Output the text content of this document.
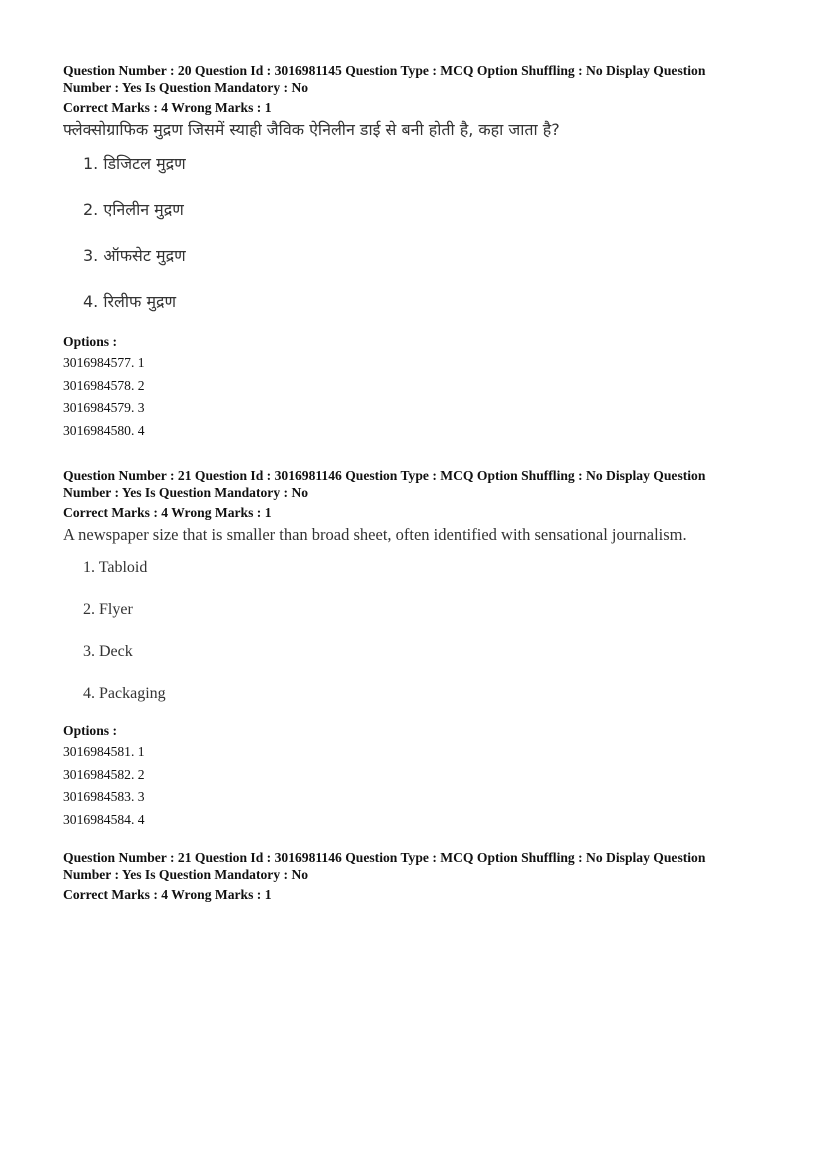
Question Number : 20 Question Id : 3016981145 Question Type : MCQ Option Shuffling : No Display Question

Number : Yes Is Question Mandatory : No

Correct Marks : 4 Wrong Marks : 1

फ्लेक्सोग्राफिक मुद्रण जिसमें स्याही जैविक ऐनिलीन डाई से बनी होती है, कहा जाता है?

1. डिजिटल मुद्रण
2. एनिलीन मुद्रण
3. ऑफसेट मुद्रण
4. रिलीफ मुद्रण

Options :

3016984577. 1
3016984578. 2
3016984579. 3
3016984580. 4

Question Number : 21 Question Id : 3016981146 Question Type : MCQ Option Shuffling : No Display Question

Number : Yes Is Question Mandatory : No

Correct Marks : 4 Wrong Marks : 1

A newspaper size that is smaller than broad sheet, often identified with sensational journalism.

1. Tabloid
2. Flyer
3. Deck
4. Packaging

Options :

3016984581. 1
3016984582. 2
3016984583. 3
3016984584. 4

Question Number : 21 Question Id : 3016981146 Question Type : MCQ Option Shuffling : No Display Question

Number : Yes Is Question Mandatory : No

Correct Marks : 4 Wrong Marks : 1
